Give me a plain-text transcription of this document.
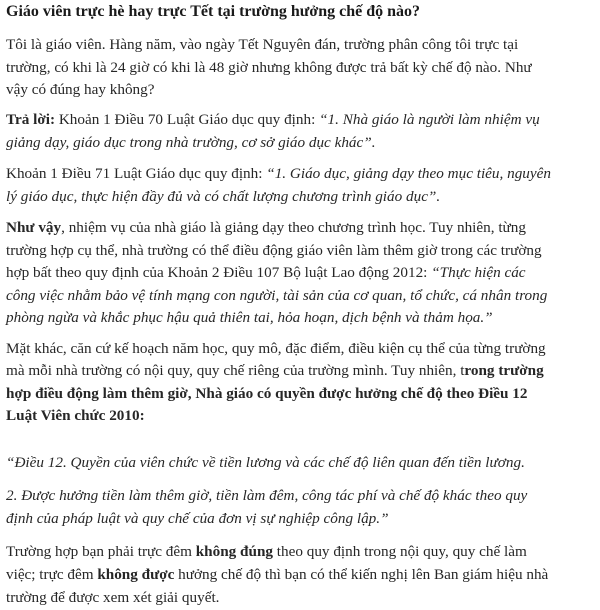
Giáo viên trực hè hay trực Tết tại trường hưởng chế độ nào?

Tôi là giáo viên. Hàng năm, vào ngày Tết Nguyên đán, trường phân công tôi trực tại

trường, có khi là 24 giờ có khi là 48 giờ nhưng không được trả bất kỳ chế độ nào. Như

vậy có đúng hay không?

Trả lời: Khoản 1 Điều 70 Luật Giáo dục quy định: “1. Nhà giáo là người làm nhiệm vụ

giảng dạy, giáo dục trong nhà trường, cơ sở giáo dục khác”.

Khoản 1 Điều 71 Luật Giáo dục quy định: “1. Giáo dục, giảng dạy theo mục tiêu, nguyên

lý giáo dục, thực hiện đầy đủ và có chất lượng chương trình giáo dục”.

Như vậy, nhiệm vụ của nhà giáo là giảng dạy theo chương trình học. Tuy nhiên, từng

trường hợp cụ thể, nhà trường có thể điều động giáo viên làm thêm giờ trong các trường

hợp bất theo quy định của Khoản 2 Điều 107 Bộ luật Lao động 2012: “Thực hiện các

công việc nhằm bảo vệ tính mạng con người, tài sản của cơ quan, tổ chức, cá nhân trong

phòng ngừa và khắc phục hậu quả thiên tai, hỏa hoạn, dịch bệnh và thảm họa.”

Mặt khác, căn cứ kế hoạch năm học, quy mô, đặc điểm, điều kiện cụ thể của từng trường

mà mỗi nhà trường có nội quy, quy chế riêng của trường mình. Tuy nhiên, trong trường

hợp điều động làm thêm giờ, Nhà giáo có quyền được hưởng chế độ theo Điều 12

Luật Viên chức 2010:

“Điều 12. Quyền của viên chức về tiền lương và các chế độ liên quan đến tiền lương.

2. Được hưởng tiền làm thêm giờ, tiền làm đêm, công tác phí và chế độ khác theo quy

định của pháp luật và quy chế của đơn vị sự nghiệp công lập.”

Trường hợp bạn phải trực đêm không đúng theo quy định trong nội quy, quy chế làm

việc; trực đêm không được hưởng chế độ thì bạn có thể kiến nghị lên Ban giám hiệu nhà

trường để được xem xét giải quyết.
